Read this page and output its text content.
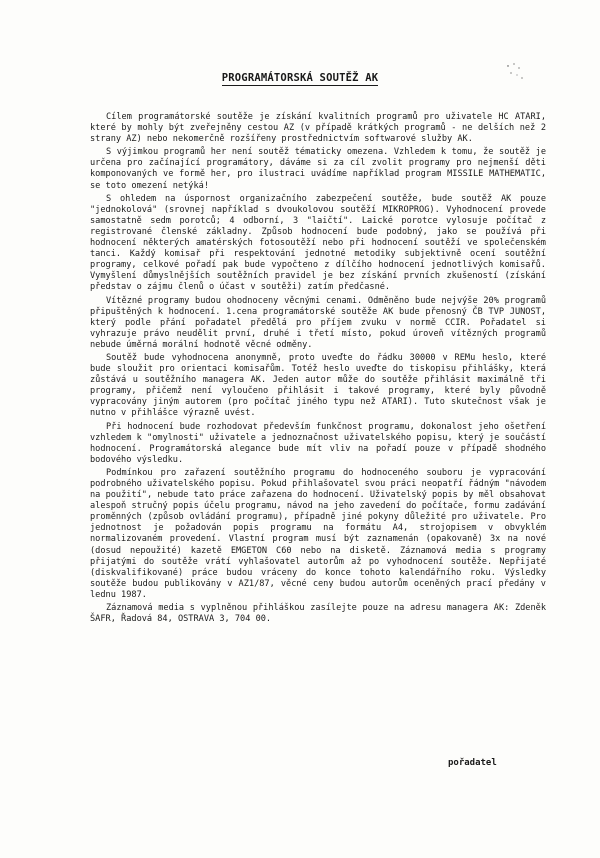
PROGRAMÁTORSKÁ SOUTĚŽ AK

Cílem programátorské soutěže je získání kvalitních programů pro uživatele HC ATARI, které by mohly být zveřejněny cestou AZ (v případě krátkých programů - ne delších než 2 strany AZ) nebo nekomerčně rozšířeny prostřednictvím softwarové služby AK.

S výjimkou programů her není soutěž tématicky omezena. Vzhledem k tomu, že soutěž je určena pro začínající programátory, dáváme si za cíl zvolit programy pro nejmenší děti komponovaných ve formě her, pro ilustraci uvádíme například program MISSILE MATHEMATIC, se toto omezení netýká!

S ohledem na úspornost organizačního zabezpečení soutěže, bude soutěž AK pouze "jednokolová" (srovnej například s dvoukolovou soutěží MIKROPROG). Vyhodnocení provede samostatně sedm porotců; 4 odborní, 3 "laičtí". Laické porotce vylosuje počítač z registrované členské základny. Způsob hodnocení bude podobný, jako se používá při hodnocení některých amatérských fotosoutěží nebo při hodnocení soutěží ve společenském tanci. Každý komisař při respektování jednotné metodiky subjektivně ocení soutěžní programy, celkové pořadí pak bude vypočteno z dílčího hodnocení jednotlivých komisařů. Vymyšlení důmyslnějších soutěžních pravidel je bez získání prvních zkušeností (získání představ o zájmu členů o účast v soutěži) zatím předčasné.

Vítězné programy budou ohodnoceny věcnými cenami. Odměněno bude nejvýše 20% programů připuštěných k hodnocení. 1.cena programátorské soutěže AK bude přenosný ČB TVP JUNOST, který podle přání pořadatel předělá pro příjem zvuku v normě CCIR. Pořadatel si vyhrazuje právo neudělit první, druhé i třetí místo, pokud úroveň vítězných programů nebude úměrná morální hodnotě věcné odměny.

Soutěž bude vyhodnocena anonymně, proto uveďte do řádku 30000 v REMu heslo, které bude sloužit pro orientaci komisařům. Totéž heslo uveďte do tiskopisu přihlášky, která zůstává u soutěžního managera AK. Jeden autor může do soutěže přihlásit maximálně tři programy, přičemž není vyloučeno přihlásit i takové programy, které byly původně vypracovány jiným autorem (pro počítač jiného typu než ATARI). Tuto skutečnost však je nutno v přihlášce výrazně uvést.

Při hodnocení bude rozhodovat především funkčnost programu, dokonalost jeho ošetření vzhledem k "omylnosti" uživatele a jednoznačnost uživatelského popisu, který je součástí hodnocení. Programátorská alegance bude mít vliv na pořadí pouze v případě shodného bodového výsledku.

Podmínkou pro zařazení soutěžního programu do hodnoceného souboru je vypracování podrobného uživatelského popisu. Pokud přihlašovatel svou práci neopatří řádným "návodem na použití", nebude tato práce zařazena do hodnocení. Uživatelský popis by měl obsahovat alespoň stručný popis účelu programu, návod na jeho zavedení do počítače, formu zadávání proměnných (způsob ovládání programu), případně jiné pokyny důležité pro uživatele. Pro jednotnost je požadován popis programu na formátu A4, strojopisem v obvyklém normalizovaném provedení. Vlastní program musí být zaznamenán (opakovaně) 3x na nové (dosud nepoužité) kazetě EMGETON C60 nebo na disketě. Záznamová media s programy přijatými do soutěže vrátí vyhlašovatel autorům až po vyhodnocení soutěže. Nepřijaté (diskvalifikované) práce budou vráceny do konce tohoto kalendářního roku. Výsledky soutěže budou publikovány v AZ1/87, věcné ceny budou autorům oceněných prací předány v lednu 1987.

Záznamová media s vyplněnou přihláškou zasílejte pouze na adresu managera AK: Zdeněk ŠAFR, Řadová 84, OSTRAVA 3, 704 00.

pořadatel
